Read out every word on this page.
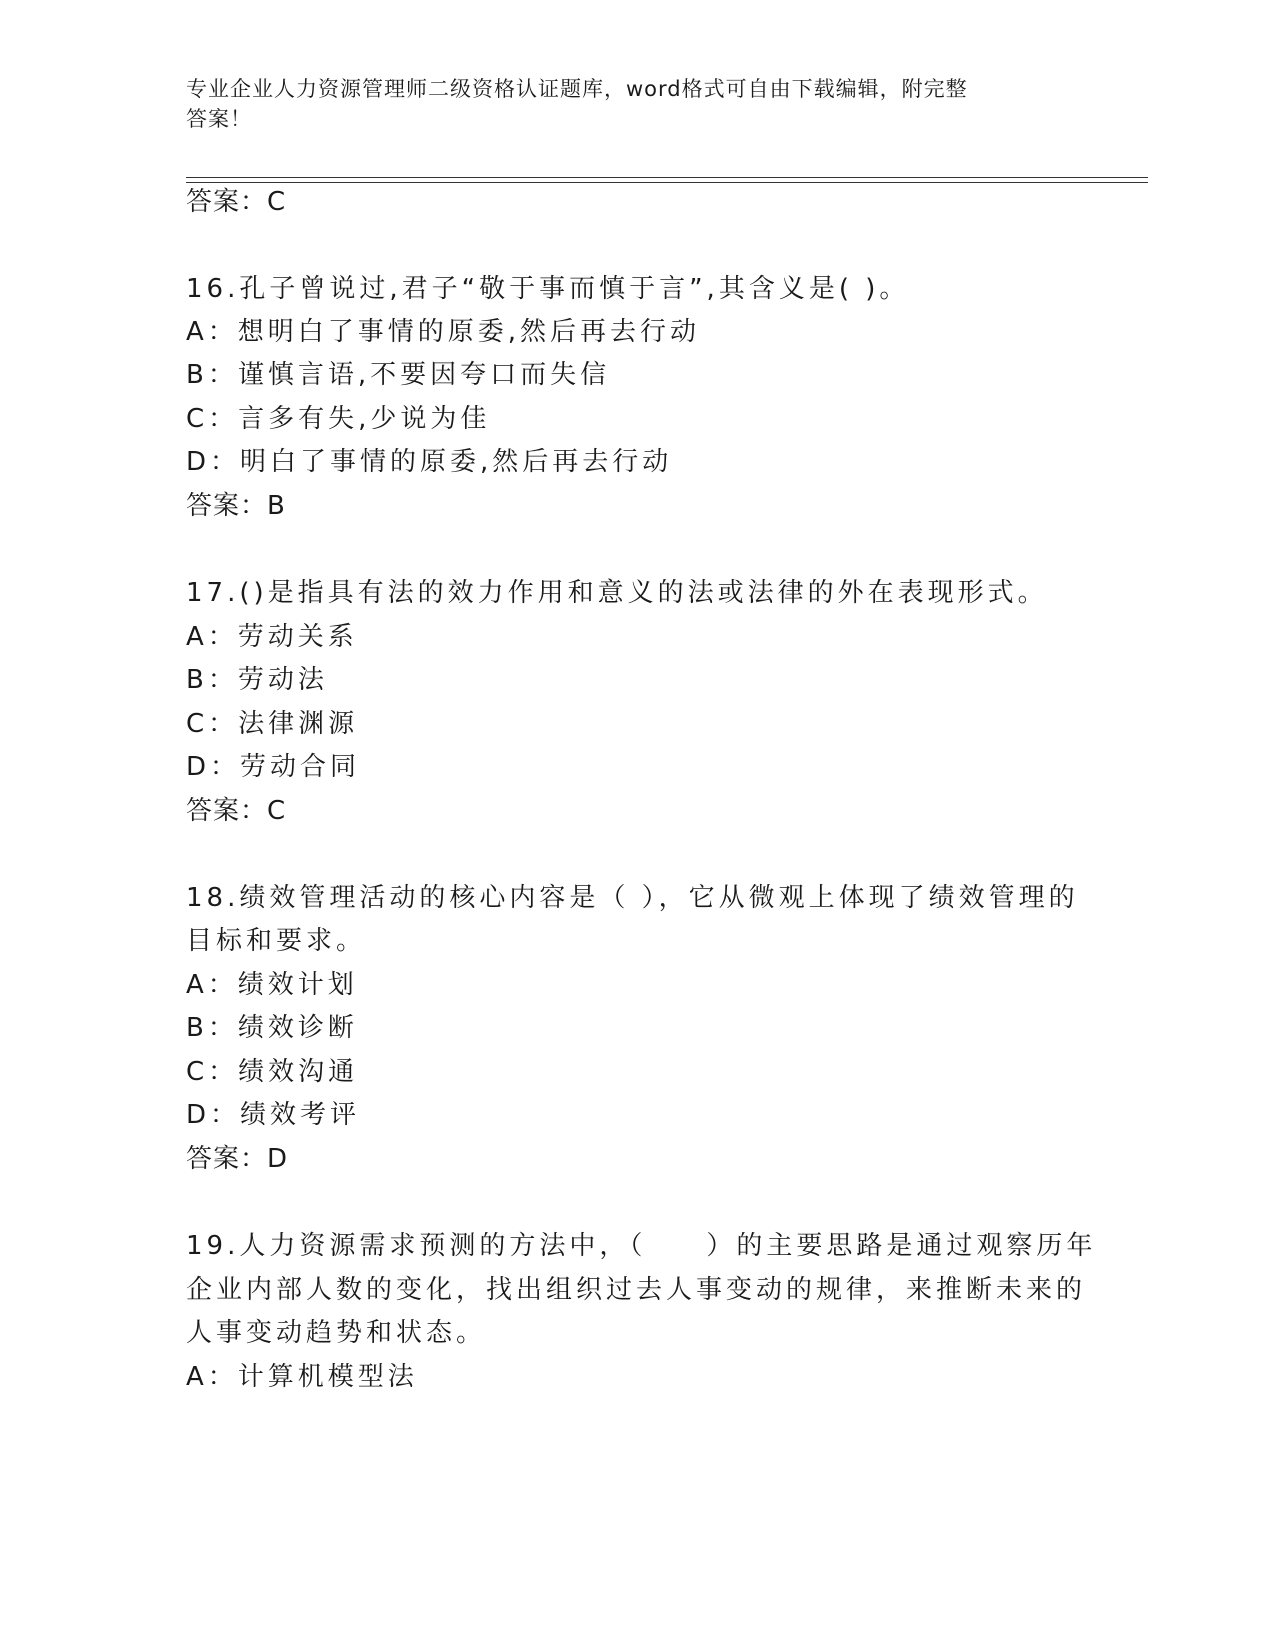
专业企业人力资源管理师二级资格认证题库，word格式可自由下载编辑，附完整
答案！
答案：C
16.孔子曾说过,君子“敬于事而慎于言”,其含义是( )。
A：想明白了事情的原委,然后再去行动
B：谨慎言语,不要因夸口而失信
C：言多有失,少说为佳
D：明白了事情的原委,然后再去行动
答案：B
17.()是指具有法的效力作用和意义的法或法律的外在表现形式。
A：劳动关系
B：劳动法
C：法律渊源
D：劳动合同
答案：C
18.绩效管理活动的核心内容是（ ），它从微观上体现了绩效管理的
目标和要求。
A：绩效计划
B：绩效诊断
C：绩效沟通
D：绩效考评
答案：D
19.人力资源需求预测的方法中，（　　）的主要思路是通过观察历年
企业内部人数的变化，找出组织过去人事变动的规律，来推断未来的
人事变动趋势和状态。
A：计算机模型法
